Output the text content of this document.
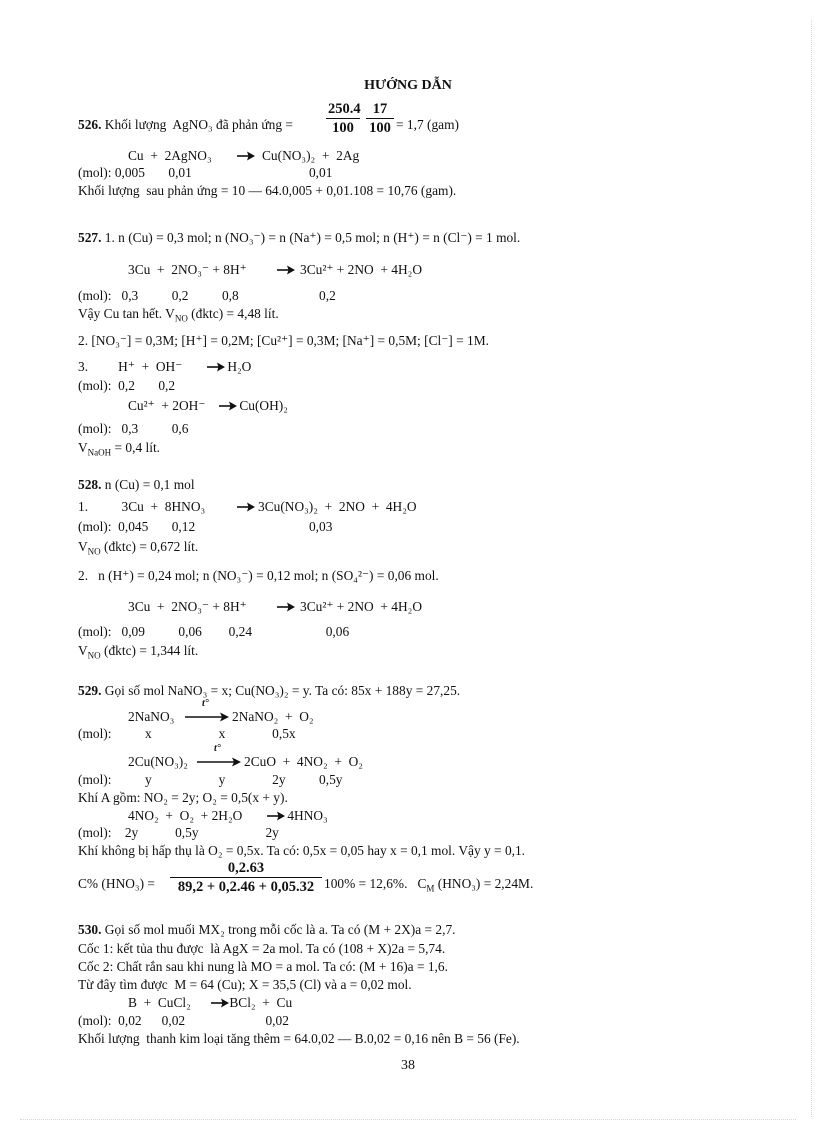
HƯỚNG DẪN
526. Khối lượng  AgNO₃ đã phản ứng = $\frac{250.4}{100} \frac{17}{100} = 1,7$ (gam)
Cu  +  2AgNO₃ → Cu(NO₃)₂  +  2Ag
(mol): 0,005       0,01                                   0,01
Khối lượng  sau phản ứng = 10 — 64.0,005 + 0,01.108 = 10,76 (gam).
527. 1. n (Cu) = 0,3 mol; n (NO₃⁻) = n (Na⁺) = 0,5 mol; n (H⁺) = n (Cl⁻) = 1 mol.
3Cu  +  2NO₃⁻ + 8H⁺ → 3Cu²⁺ + 2NO  + 4H₂O
(mol):   0,3          0,2          0,8                        0,2
Vậy Cu tan hết. $V_{NO}$ (đktc) = 4,48 lít.
2. [NO₃⁻] = 0,3M; [H⁺] = 0,2M; [Cu²⁺] = 0,3M; [Na⁺] = 0,5M; [Cl⁻] = 1M.
3.         H⁺  +  OH⁻ →
H₂O
(mol):  0,2       0,2
Cu²⁺  + 2OH⁻ →
Cu(OH)₂
(mol):   0,3          0,6
$V_{NaOH} = 0,4$ lít.
528. n (Cu) = 0,1 mol
1.          3Cu  +  8HNO₃ → 3Cu(NO₃)₂  +  2NO  +  4H₂O
(mol):  0,045       0,12                                  0,03
$V_{NO}$ (đktc) = 0,672 lít.
2.   n (H⁺) = 0,24 mol; n (NO₃⁻) = 0,12 mol; n (SO₄²⁻) = 0,06 mol.
3Cu  +  2NO₃⁻ + 8H⁺ → 3Cu²⁺ + 2NO  + 4H₂O
(mol):   0,09          0,06        0,24                      0,06
$V_{NO}$ (đktc) = 1,344 lít.
529. Gọi số mol NaNO₃ = x; Cu(NO₃)₂ = y. Ta có: 85x + 188y = 27,25.
2NaNO₃
t°
2NaNO₂  +  O₂
(mol):          x                    x              0,5x
2Cu(NO₃)₂
t°
2CuO  +  4NO₂  +  O₂
(mol):          y                    y              2y          0,5y
Khí A gồm: NO₂ = 2y; O₂ = 0,5(x + y).
4NO₂  +  O₂  + 2H₂O →
4HNO₃
(mol):    2y           0,5y                    2y
Khí không bị hấp thụ là O₂ = 0,5x. Ta có: 0,5x = 0,05 hay x = 0,1 mol. Vậy y = 0,1.
C% $(HNO_3) = \frac{0,2.63}{89,2 + 0,2.46 + 0,05.32} 100\% = 12,6\%$.   $C_M$ (HNO₃) = 2,24M.
530. Gọi số mol muối MX₂ trong mỗi cốc là a. Ta có (M + 2X)a = 2,7.
Cốc 1: kết tủa thu được  là AgX = 2a mol. Ta có (108 + X)2a = 5,74.
Cốc 2: Chất rắn sau khi nung là MO = a mol. Ta có: (M + 16)a = 1,6.
Từ đây tìm được  M = 64 (Cu); X = 35,5 (Cl) và a = 0,02 mol.
B  +  CuCl₂ →
BCl₂  +  Cu
(mol):  0,02      0,02                        0,02
Khối lượng  thanh kim loại tăng thêm = 64.0,02 — B.0,02 = 0,16 nên B = 56 (Fe).
38
